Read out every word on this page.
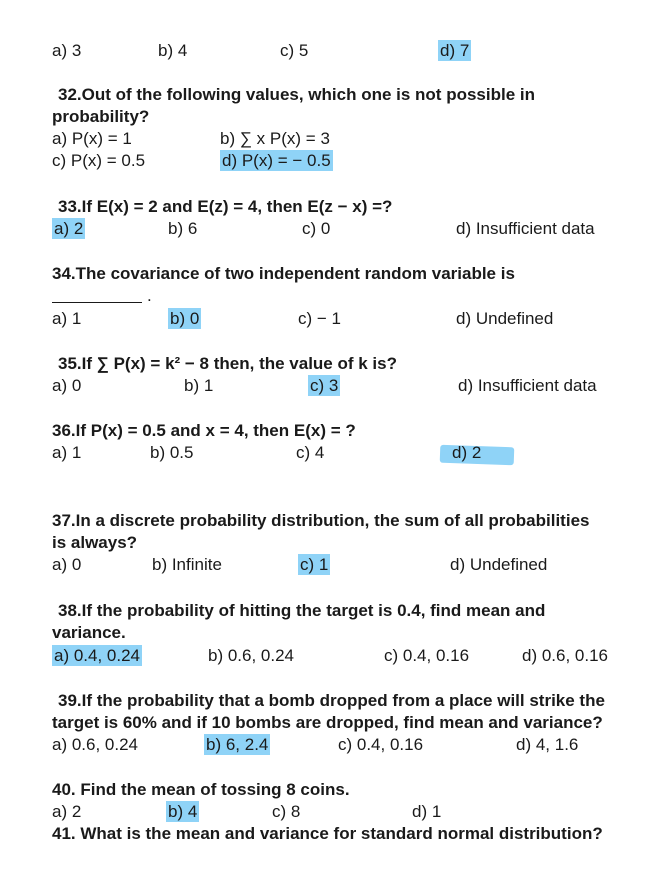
a) 3	b) 4	c) 5	d) 7
32.Out of the following values, which one is not possible in
probability?
a) P(x) = 1	b) ∑ x P(x) = 3
c) P(x) = 0.5	d) P(x) = − 0.5
33.If E(x) = 2 and E(z) = 4, then E(z − x) =?
a) 2	b) 6	c) 0	d) Insufficient data
34.The covariance of two independent random variable is
.
a) 1	b) 0	c) − 1	d) Undefined
35.If ∑ P(x) = k² − 8 then, the value of k is?
a) 0	b) 1	c) 3	d) Insufficient data
36.If P(x) = 0.5 and x = 4, then E(x) = ?
a) 1	b) 0.5	c) 4	d) 2
37.In a discrete probability distribution, the sum of all probabilities
is always?
a) 0	b) Infinite	c) 1	d) Undefined
38.If the probability of hitting the target is 0.4, find mean and
variance.
a) 0.4, 0.24	b) 0.6, 0.24	c) 0.4, 0.16	d) 0.6, 0.16
39.If the probability that a bomb dropped from a place will strike the
target is 60% and if 10 bombs are dropped, find mean and variance?
a) 0.6, 0.24	b) 6, 2.4	c) 0.4, 0.16	d) 4, 1.6
40. Find the mean of tossing 8 coins.
a) 2	b) 4	c) 8	d) 1
41. What is the mean and variance for standard normal distribution?
